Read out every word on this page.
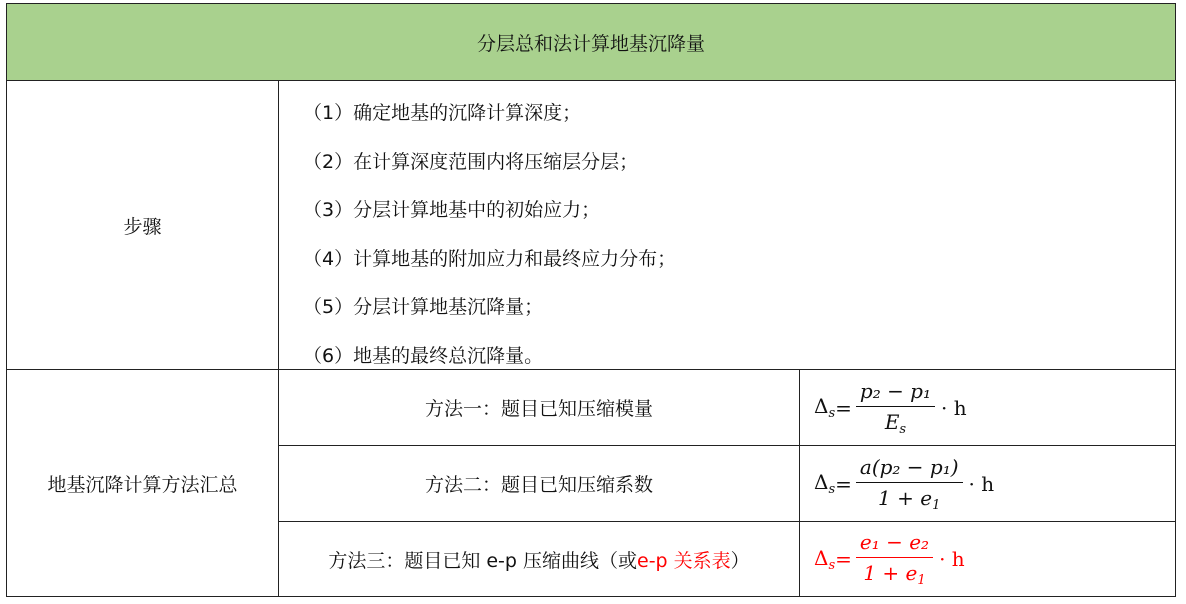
分层总和法计算地基沉降量
步骤
（1）确定地基的沉降计算深度；
（2）在计算深度范围内将压缩层分层；
（3）分层计算地基中的初始应力；
（4）计算地基的附加应力和最终应力分布；
（5）分层计算地基沉降量；
（6）地基的最终总沉降量。
地基沉降计算方法汇总
方法一：题目已知压缩模量	$\Delta_s = \frac{\text{p₂ − p₁}}{E_s} \cdot h$
方法二：题目已知压缩系数	$\Delta_s = \frac{\text{a(p₂ − p₁)}}{1 + e_1} \cdot h$
方法三：题目已知 e-p 压缩曲线（或 e-p 关系表 ）	$\Delta_s = \frac{\text{e₁ − e₂}}{1 + e_1} \cdot h$
